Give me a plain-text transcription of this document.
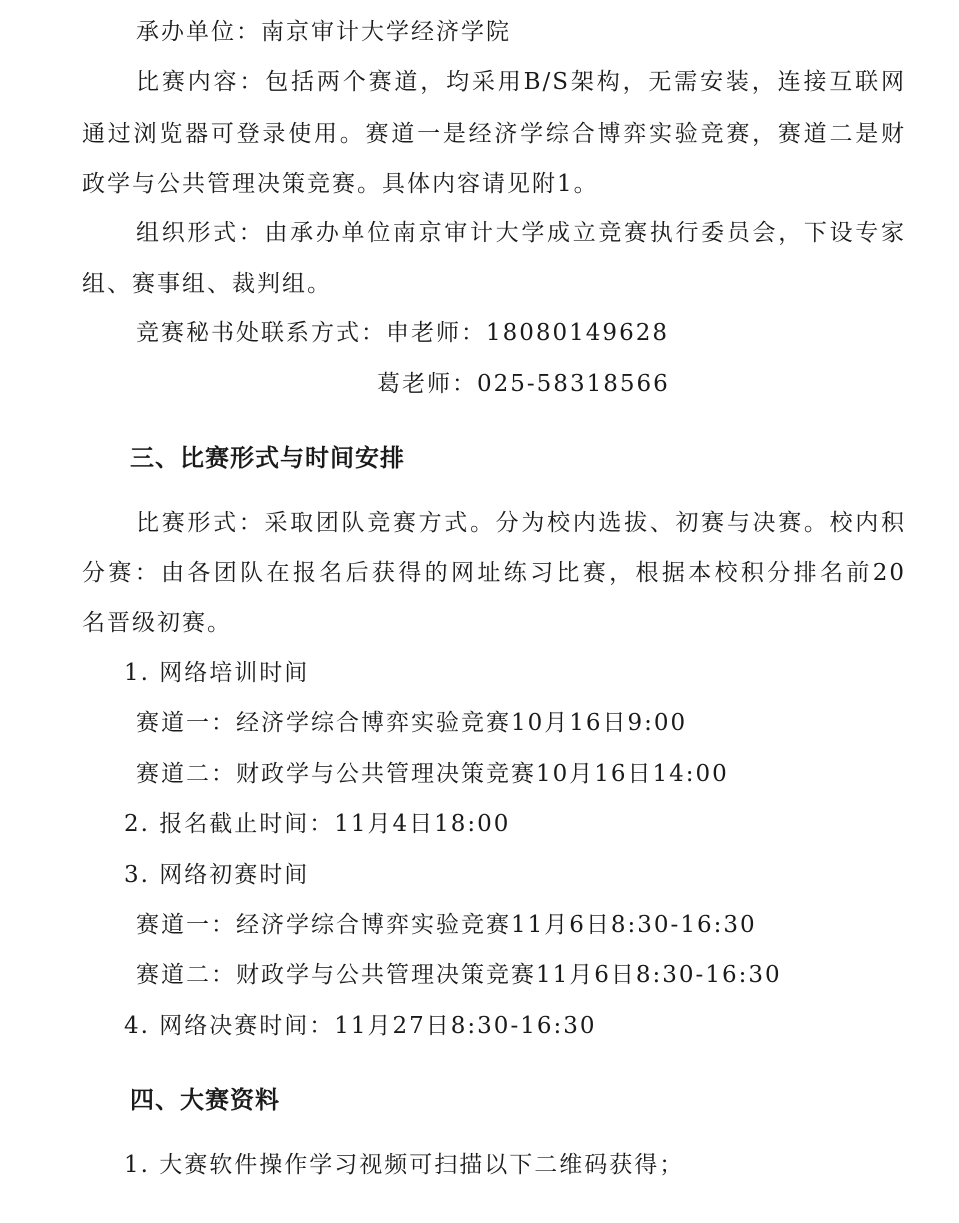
承办单位：南京审计大学经济学院
比赛内容：包括两个赛道，均采用B/S架构，无需安装，连接互联网
通过浏览器可登录使用。赛道一是经济学综合博弈实验竞赛，赛道二是财
政学与公共管理决策竞赛。具体内容请见附1。
组织形式：由承办单位南京审计大学成立竞赛执行委员会，下设专家
组、赛事组、裁判组。
竞赛秘书处联系方式：申老师：18080149628
葛老师：025-58318566
三、比赛形式与时间安排
比赛形式：采取团队竞赛方式。分为校内选拔、初赛与决赛。校内积
分赛：由各团队在报名后获得的网址练习比赛，根据本校积分排名前20
名晋级初赛。
1. 网络培训时间
赛道一：经济学综合博弈实验竞赛10月16日9:00
赛道二：财政学与公共管理决策竞赛10月16日14:00
2. 报名截止时间：11月4日18:00
3. 网络初赛时间
赛道一：经济学综合博弈实验竞赛11月6日8:30-16:30
赛道二：财政学与公共管理决策竞赛11月6日8:30-16:30
4. 网络决赛时间：11月27日8:30-16:30
四、大赛资料
1. 大赛软件操作学习视频可扫描以下二维码获得；
